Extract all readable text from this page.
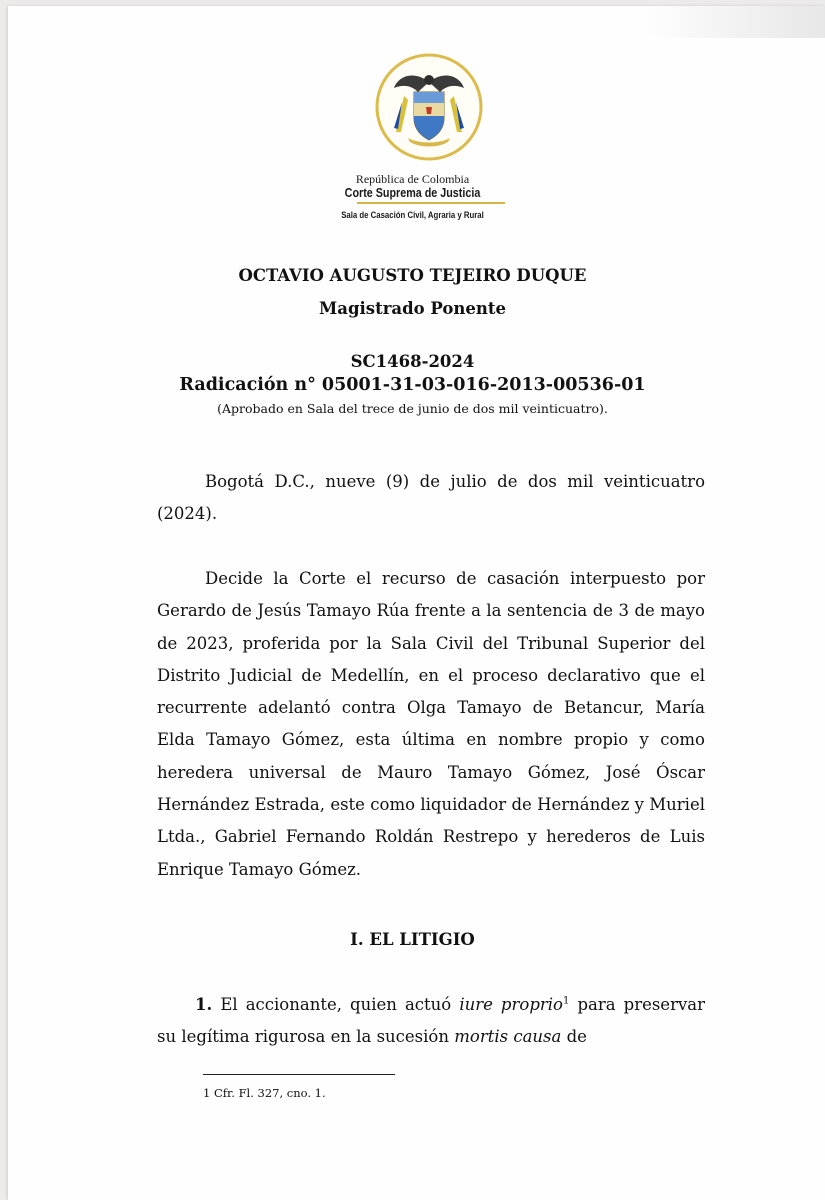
República de Colombia
Corte Suprema de Justicia
Sala de Casación Civil, Agraria y Rural
OCTAVIO AUGUSTO TEJEIRO DUQUE
Magistrado Ponente
SC1468-2024
Radicación n° 05001-31-03-016-2013-00536-01
(Aprobado en Sala del trece de junio de dos mil veinticuatro).

Bogotá D.C., nueve (9) de julio de dos mil veinticuatro (2024).

Decide la Corte el recurso de casación interpuesto por Gerardo de Jesús Tamayo Rúa frente a la sentencia de 3 de mayo de 2023, proferida por la Sala Civil del Tribunal Superior del Distrito Judicial de Medellín, en el proceso declarativo que el recurrente adelantó contra Olga Tamayo de Betancur, María Elda Tamayo Gómez, esta última en nombre propio y como heredera universal de Mauro Tamayo Gómez, José Óscar Hernández Estrada, este como liquidador de Hernández y Muriel Ltda., Gabriel Fernando Roldán Restrepo y herederos de Luis Enrique Tamayo Gómez.

I. EL LITIGIO

1. El accionante, quien actuó iure proprio$^1$ para preservar su legítima rigurosa en la sucesión mortis causa de

1 Cfr. Fl. 327, cno. 1.
